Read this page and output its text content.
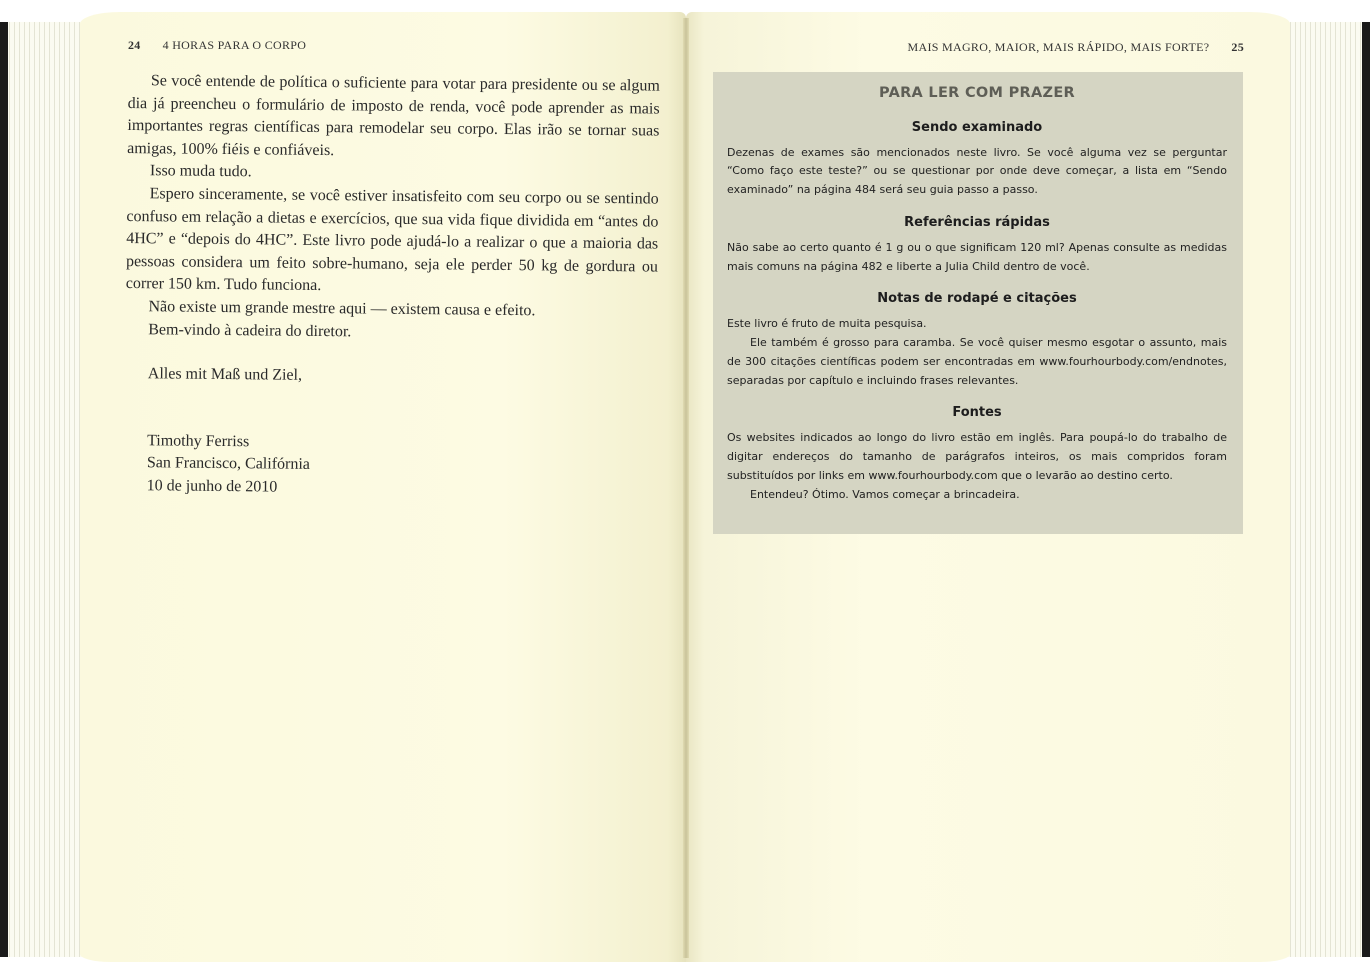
24 4 HORAS PARA O CORPO

Se você entende de política o suficiente para votar para presidente ou se algum dia já preencheu o formulário de imposto de renda, você pode aprender as mais importantes regras científicas para remodelar seu corpo. Elas irão se tornar suas amigas, 100% fiéis e confiáveis.

Isso muda tudo.

Espero sinceramente, se você estiver insatisfeito com seu corpo ou se sentindo confuso em relação a dietas e exercícios, que sua vida fique dividida em “antes do 4HC” e “depois do 4HC”. Este livro pode ajudá-lo a realizar o que a maioria das pessoas considera um feito sobre-humano, seja ele perder 50 kg de gordura ou correr 150 km. Tudo funciona.

Não existe um grande mestre aqui — existem causa e efeito.

Bem-vindo à cadeira do diretor.

Alles mit Maß und Ziel,

Timothy Ferriss

San Francisco, Califórnia

10 de junho de 2010

MAIS MAGRO, MAIOR, MAIS RÁPIDO, MAIS FORTE? 25
PARA LER COM PRAZER
Sendo examinado

Dezenas de exames são mencionados neste livro. Se você alguma vez se perguntar “Como faço este teste?” ou se questionar por onde deve começar, a lista em “Sendo examinado” na página 484 será seu guia passo a passo.

Referências rápidas

Não sabe ao certo quanto é 1 g ou o que significam 120 ml? Apenas consulte as medidas mais comuns na página 482 e liberte a Julia Child dentro de você.

Notas de rodapé e citações

Este livro é fruto de muita pesquisa.

Ele também é grosso para caramba. Se você quiser mesmo esgotar o assunto, mais de 300 citações científicas podem ser encontradas em www.fourhourbody.com/endnotes, separadas por capítulo e incluindo frases relevantes.

Fontes

Os websites indicados ao longo do livro estão em inglês. Para poupá-lo do trabalho de digitar endereços do tamanho de parágrafos inteiros, os mais compridos foram substituídos por links em www.fourhourbody.com que o levarão ao destino certo.

Entendeu? Ótimo. Vamos começar a brincadeira.
